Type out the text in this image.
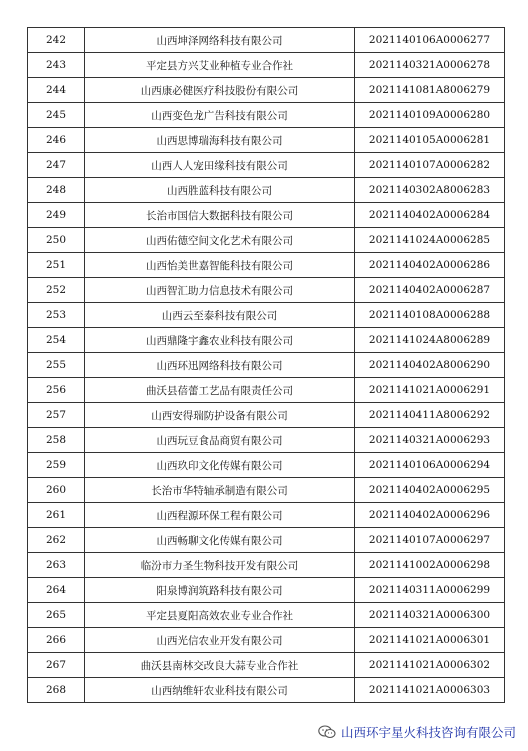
242	山西坤泽网络科技有限公司	2021140106A0006277
243	平定县方兴艾业种植专业合作社	2021140321A0006278
244	山西康必健医疗科技股份有限公司	2021141081A8006279
245	山西变色龙广告科技有限公司	2021140109A0006280
246	山西思博瑞海科技有限公司	2021140105A0006281
247	山西人人宠田缘科技有限公司	2021140107A0006282
248	山西胜蓝科技有限公司	2021140302A8006283
249	长治市国信大数据科技有限公司	2021140402A0006284
250	山西佑德空间文化艺术有限公司	2021141024A0006285
251	山西怡美世嘉智能科技有限公司	2021140402A0006286
252	山西智汇助力信息技术有限公司	2021140402A0006287
253	山西云至泰科技有限公司	2021140108A0006288
254	山西鼎隆宇鑫农业科技有限公司	2021141024A8006289
255	山西环迅网络科技有限公司	2021140402A8006290
256	曲沃县蓓蕾工艺品有限责任公司	2021141021A0006291
257	山西安得瑞防护设备有限公司	2021140411A8006292
258	山西玩豆食品商贸有限公司	2021140321A0006293
259	山西玖印文化传媒有限公司	2021140106A0006294
260	长治市华特轴承制造有限公司	2021140402A0006295
261	山西程源环保工程有限公司	2021140402A0006296
262	山西畅聊文化传媒有限公司	2021140107A0006297
263	临汾市力圣生物科技开发有限公司	2021141002A0006298
264	阳泉博润筑路科技有限公司	2021140311A0006299
265	平定县夏阳高效农业专业合作社	2021140321A0006300
266	山西光信农业开发有限公司	2021141021A0006301
267	曲沃县南林交改良大蒜专业合作社	2021141021A0006302
268	山西纳维轩农业科技有限公司	2021141021A0006303
山西环宇星火科技咨询有限公司
